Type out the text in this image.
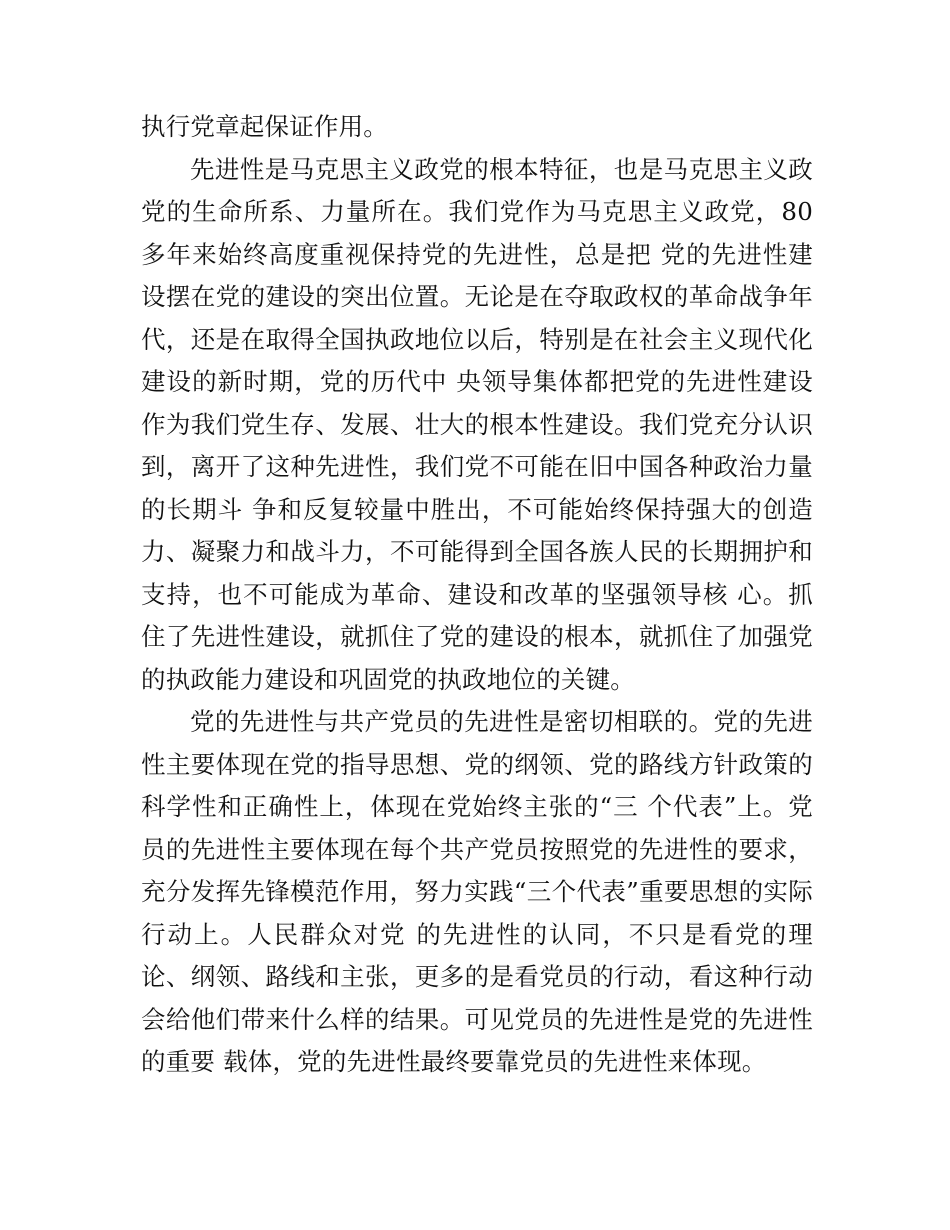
执行党章起保证作用。

先进性是马克思主义政党的根本特征，也是马克思主义政党的生命所系、力量所在。我们党作为马克思主义政党，80多年来始终高度重视保持党的先进性，总是把 党的先进性建设摆在党的建设的突出位置。无论是在夺取政权的革命战争年代，还是在取得全国执政地位以后，特别是在社会主义现代化建设的新时期，党的历代中 央领导集体都把党的先进性建设作为我们党生存、发展、壮大的根本性建设。我们党充分认识到，离开了这种先进性，我们党不可能在旧中国各种政治力量的长期斗 争和反复较量中胜出，不可能始终保持强大的创造力、凝聚力和战斗力，不可能得到全国各族人民的长期拥护和支持，也不可能成为革命、建设和改革的坚强领导核 心。抓住了先进性建设，就抓住了党的建设的根本，就抓住了加强党的执政能力建设和巩固党的执政地位的关键。

党的先进性与共产党员的先进性是密切相联的。党的先进性主要体现在党的指导思想、党的纲领、党的路线方针政策的科学性和正确性上，体现在党始终主张的“三 个代表”上。党员的先进性主要体现在每个共产党员按照党的先进性的要求，充分发挥先锋模范作用，努力实践“三个代表”重要思想的实际行动上。人民群众对党 的先进性的认同，不只是看党的理论、纲领、路线和主张，更多的是看党员的行动，看这种行动会给他们带来什么样的结果。可见党员的先进性是党的先进性的重要 载体，党的先进性最终要靠党员的先进性来体现。
